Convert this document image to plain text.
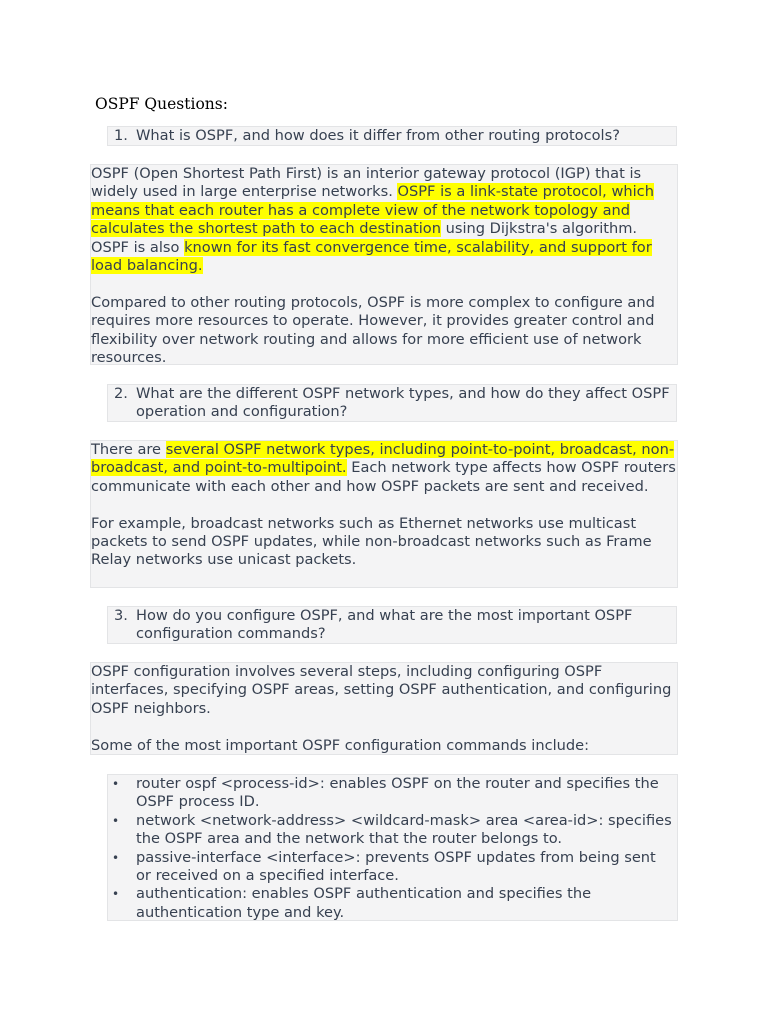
OSPF Questions:
1. What is OSPF, and how does it differ from other routing protocols?

OSPF (Open Shortest Path First) is an interior gateway protocol (IGP) that is widely used in large enterprise networks. OSPF is a link-state protocol, which means that each router has a complete view of the network topology and calculates the shortest path to each destination using Dijkstra's algorithm. OSPF is also known for its fast convergence time, scalability, and support for load balancing.

Compared to other routing protocols, OSPF is more complex to configure and requires more resources to operate. However, it provides greater control and flexibility over network routing and allows for more efficient use of network resources.

2. What are the different OSPF network types, and how do they affect OSPF operation and configuration?

There are several OSPF network types, including point-to-point, broadcast, non-broadcast, and point-to-multipoint. Each network type affects how OSPF routers communicate with each other and how OSPF packets are sent and received.

For example, broadcast networks such as Ethernet networks use multicast packets to send OSPF updates, while non-broadcast networks such as Frame Relay networks use unicast packets.

3. How do you configure OSPF, and what are the most important OSPF configuration commands?

OSPF configuration involves several steps, including configuring OSPF interfaces, specifying OSPF areas, setting OSPF authentication, and configuring OSPF neighbors.

Some of the most important OSPF configuration commands include:

• router ospf <process-id>: enables OSPF on the router and specifies the OSPF process ID.
• network <network-address> <wildcard-mask> area <area-id>: specifies the OSPF area and the network that the router belongs to.
• passive-interface <interface>: prevents OSPF updates from being sent or received on a specified interface.
• authentication: enables OSPF authentication and specifies the authentication type and key.
